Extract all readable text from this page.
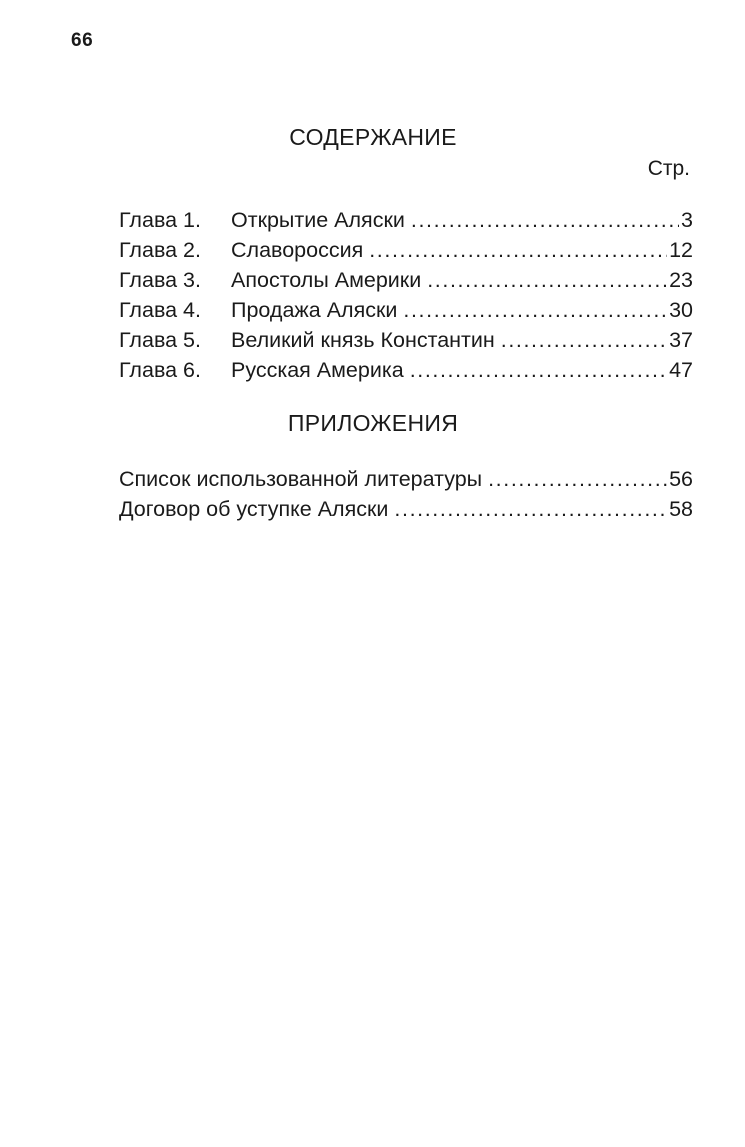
66
СОДЕРЖАНИЕ
Стр.
Глава 1.	Открытие Аляски .....	3
Глава 2.	Славороссия .....	12
Глава 3.	Апостолы Америки .....	23
Глава 4.	Продажа Аляски .....	30
Глава 5.	Великий князь Константин .....	37
Глава 6.	Русская Америка .....	47
ПРИЛОЖЕНИЯ
Список использованной литературы .....	56
Договор об уступке Аляски .....	58
